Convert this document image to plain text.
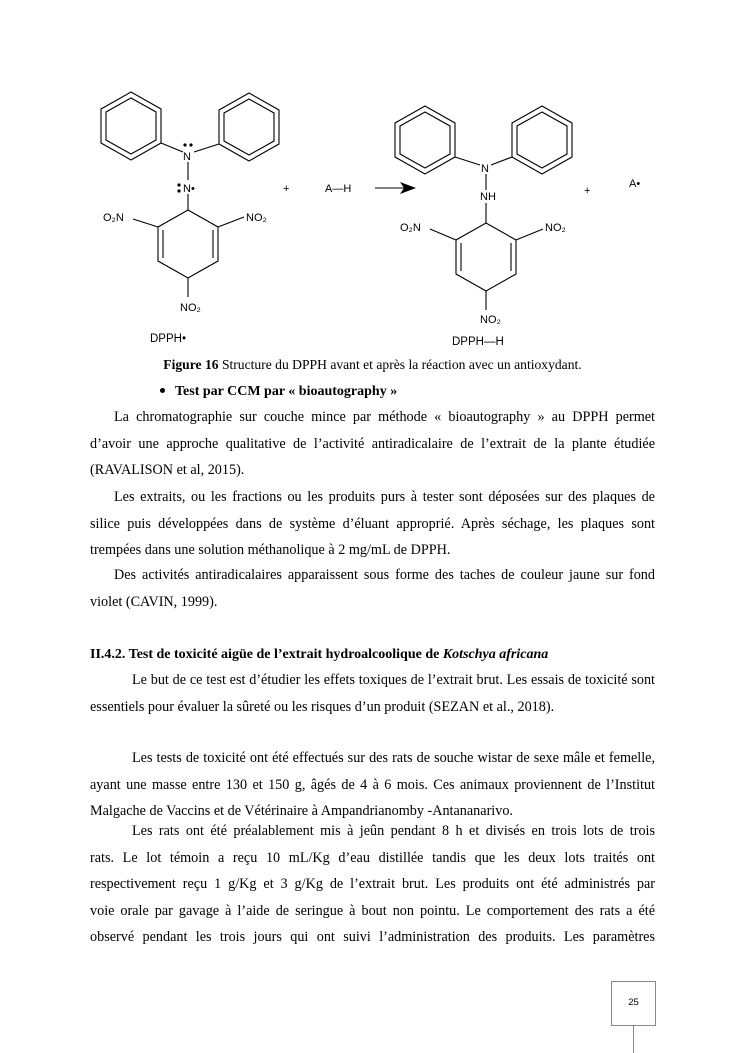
N
N•
O₂N	NO₂
NO₂
+	A—H
N
NH
O₂N	NO₂
NO₂
+
A•
DPPH•	DPPH—H
Figure 16 Structure du DPPH avant et après la réaction avec un antioxydant.
Test par CCM par « bioautography »
La chromatographie sur couche mince par méthode « bioautography » au DPPH permet d’avoir une approche qualitative de l’activité antiradicalaire de l’extrait de la plante étudiée (RAVALISON et al, 2015).
Les extraits, ou les fractions ou les produits purs à tester sont déposées sur des plaques de silice puis développées dans de système d’éluant approprié. Après séchage, les plaques sont trempées dans une solution méthanolique à 2 mg/mL de DPPH.
Des activités antiradicalaires apparaissent sous forme des taches de couleur jaune sur fond violet (CAVIN, 1999).
II.4.2. Test de toxicité aigüe de l’extrait hydroalcoolique de Kotschya africana
Le but de ce test est d’étudier les effets toxiques de l’extrait brut. Les essais de toxicité sont essentiels pour évaluer la sûreté ou les risques d’un produit (SEZAN et al., 2018).
Les tests de toxicité ont été effectués sur des rats de souche wistar de sexe mâle et femelle, ayant une masse entre 130 et 150 g, âgés de 4 à 6 mois. Ces animaux proviennent de l’Institut Malgache de Vaccins et de Vétérinaire à Ampandrianomby -Antananarivo.
Les rats ont été préalablement mis à jeûn pendant 8 h et divisés en trois lots de trois
rats. Le lot témoin a reçu 10 mL/Kg d’eau distillée tandis que les deux lots traités ont
respectivement reçu 1 g/Kg et 3 g/Kg de l’extrait brut. Les produits ont été administrés par
voie orale par gavage à l’aide de seringue à bout non pointu. Le comportement des rats a été
observé pendant les trois jours qui ont suivi l’administration des produits. Les paramètres
25
